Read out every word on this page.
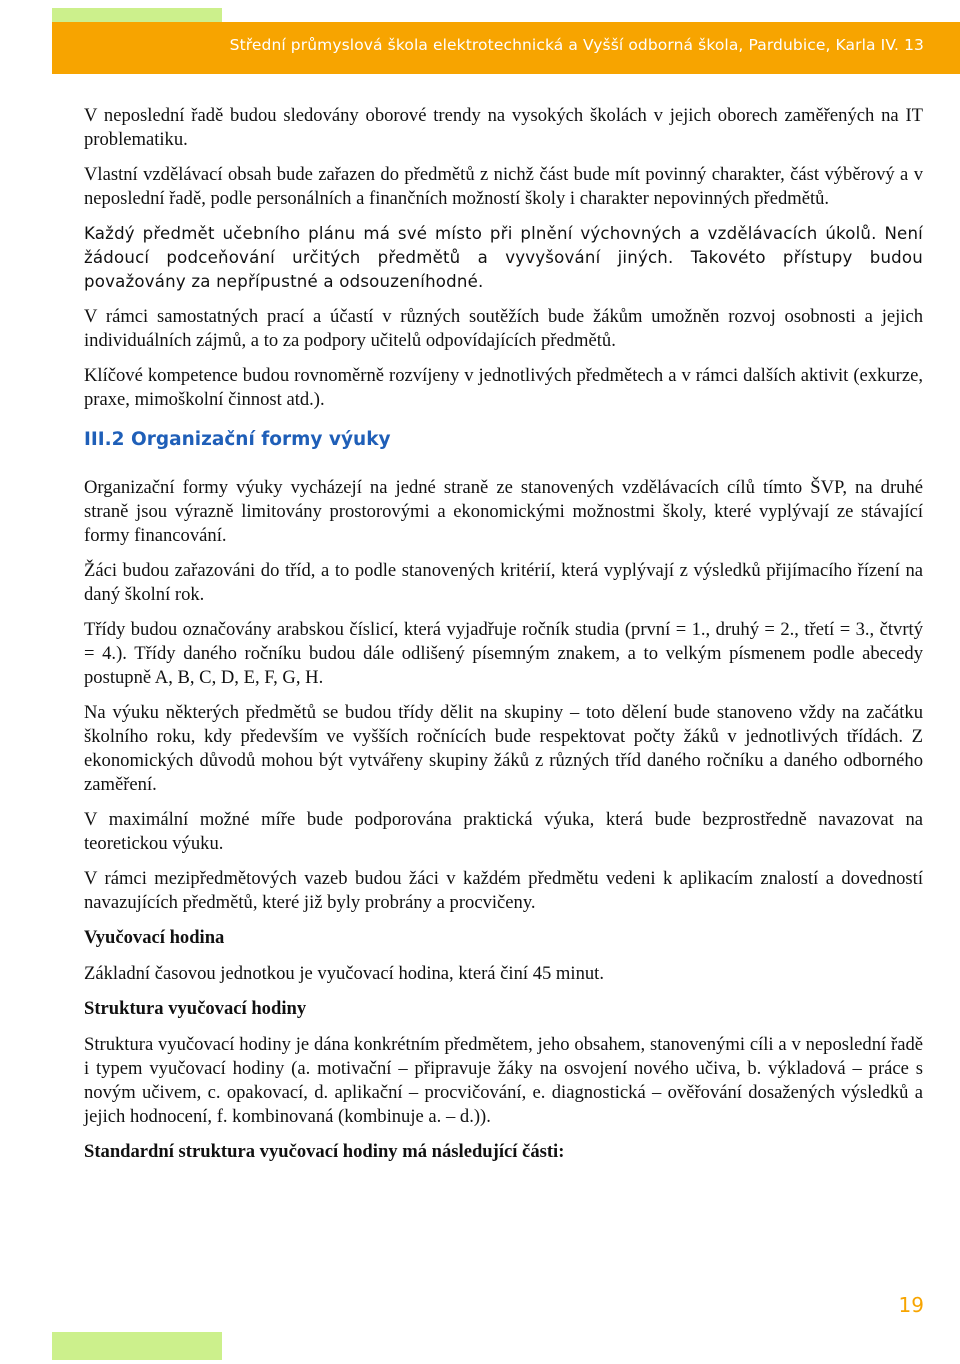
Střední průmyslová škola elektrotechnická a Vyšší odborná škola, Pardubice, Karla IV. 13

V neposlední řadě budou sledovány oborové trendy na vysokých školách v jejich oborech zaměřených na IT problematiku.

Vlastní vzdělávací obsah bude zařazen do předmětů z nichž část bude mít povinný charakter, část výběrový a v neposlední řadě, podle personálních a finančních možností školy i charakter nepovinných předmětů.

Každý předmět učebního plánu má své místo při plnění výchovných a vzdělávacích úkolů. Není žádoucí podceňování určitých předmětů a vyvyšování jiných. Takovéto přístupy budou považovány za nepřípustné a odsouzeníhodné.

V rámci samostatných prací a účastí v různých soutěžích bude žákům umožněn rozvoj osobnosti a jejich individuálních zájmů, a to za podpory učitelů odpovídajících předmětů.

Klíčové kompetence budou rovnoměrně rozvíjeny v jednotlivých předmětech a v rámci dalších aktivit (exkurze, praxe, mimoškolní činnost atd.).

III.2 Organizační formy výuky

Organizační formy výuky vycházejí na jedné straně ze stanovených vzdělávacích cílů tímto ŠVP, na druhé straně jsou výrazně limitovány prostorovými a ekonomickými možnostmi školy, které vyplývají ze stávající formy financování.

Žáci budou zařazováni do tříd, a to podle stanovených kritérií, která vyplývají z výsledků přijímacího řízení na daný školní rok.

Třídy budou označovány arabskou číslicí, která vyjadřuje ročník studia (první = 1., druhý = 2., třetí = 3., čtvrtý = 4.). Třídy daného ročníku budou dále odlišený písemným znakem, a to velkým písmenem podle abecedy postupně A, B, C, D, E, F, G, H.

Na výuku některých předmětů se budou třídy dělit na skupiny – toto dělení bude stanoveno vždy na začátku školního roku, kdy především ve vyšších ročnících bude respektovat počty žáků v jednotlivých třídách. Z ekonomických důvodů mohou být vytvářeny skupiny žáků z různých tříd daného ročníku a daného odborného zaměření.

V maximální možné míře bude podporována praktická výuka, která bude bezprostředně navazovat na teoretickou výuku.

V rámci mezipředmětových vazeb budou žáci v každém předmětu vedeni k aplikacím znalostí a dovedností navazujících předmětů, které již byly probrány a procvičeny.

Vyučovací hodina

Základní časovou jednotkou je vyučovací hodina, která činí 45 minut.

Struktura vyučovací hodiny

Struktura vyučovací hodiny je dána konkrétním předmětem, jeho obsahem, stanovenými cíli a v neposlední řadě i typem vyučovací hodiny (a. motivační – připravuje žáky na osvojení nového učiva, b. výkladová – práce s novým učivem, c. opakovací, d. aplikační – procvičování, e. diagnostická – ověřování dosažených výsledků a jejich hodnocení, f. kombinovaná (kombinuje a. – d.)).

Standardní struktura vyučovací hodiny má následující části:

19
